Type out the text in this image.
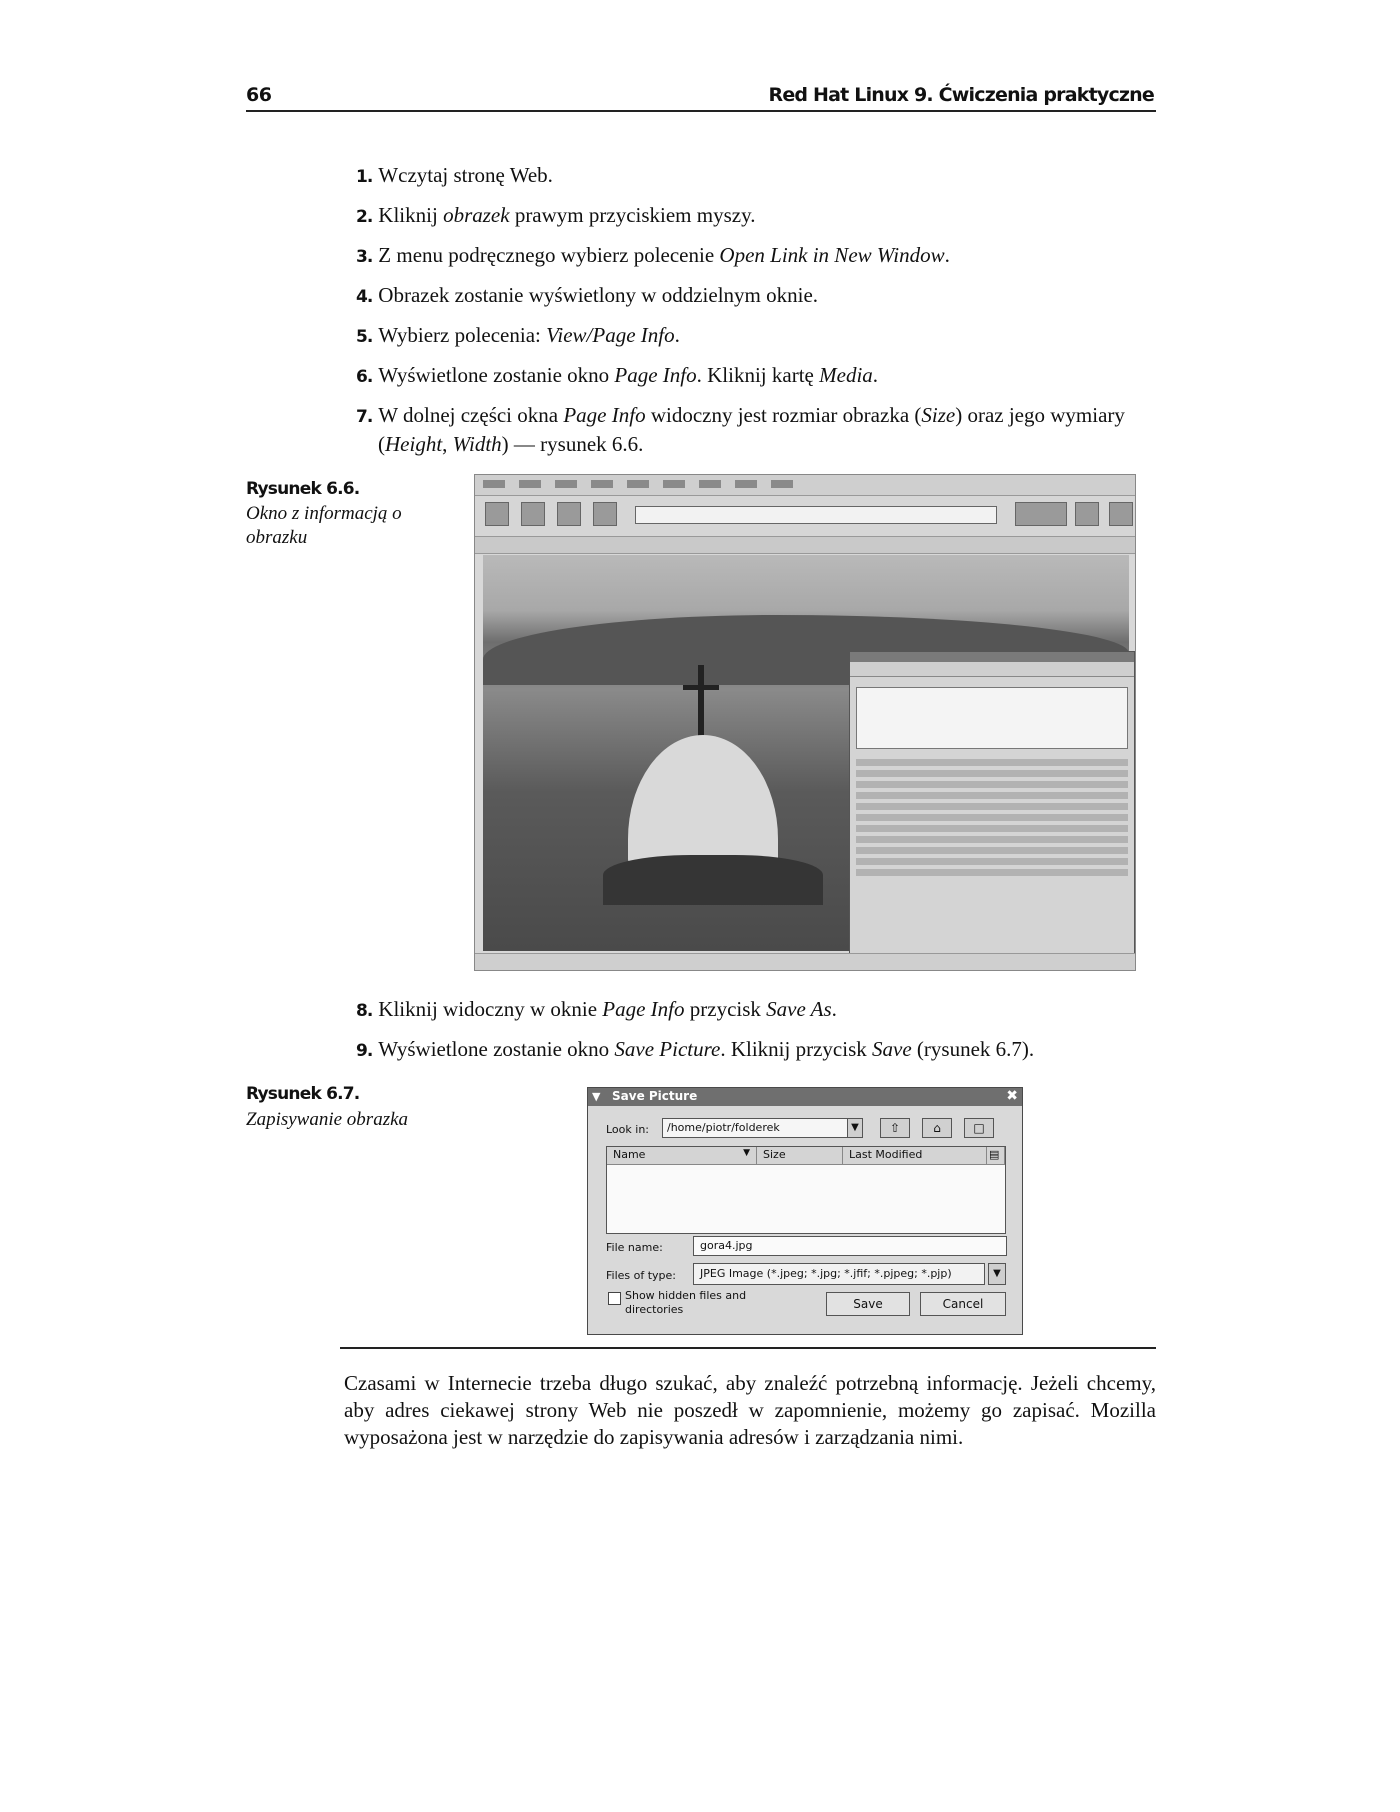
66	Red Hat Linux 9. Ćwiczenia praktyczne
1. Wczytaj stronę Web.
2. Kliknij obrazek prawym przyciskiem myszy.
3. Z menu podręcznego wybierz polecenie Open Link in New Window.
4. Obrazek zostanie wyświetlony w oddzielnym oknie.
5. Wybierz polecenia: View/Page Info.
6. Wyświetlone zostanie okno Page Info. Kliknij kartę Media.
7. W dolnej części okna Page Info widoczny jest rozmiar obrazka (Size) oraz jego wymiary
(Height, Width) — rysunek 6.6.
Rysunek 6.6.
Okno z informacją o obrazku
8. Kliknij widoczny w oknie Page Info przycisk Save As.
9. Wyświetlone zostanie okno Save Picture. Kliknij przycisk Save (rysunek 6.7).
Rysunek 6.7.
Zapisywanie obrazka
▼ Save Picture	✖
Look in:	/home/piotr/folderek	▼	⇧	⌂	□
Name	▼	Size	Last Modified	▤
File name:	gora4.jpg
Files of type:	JPEG Image (*.jpeg; *.jpg; *.jfif; *.pjpeg; *.pjp)	▼
Show hidden files and directories	Save	Cancel
Czasami w Internecie trzeba długo szukać, aby znaleźć potrzebną informację. Jeżeli chcemy, aby adres ciekawej strony Web nie poszedł w zapomnienie, możemy go zapisać. Mozilla wyposażona jest w narzędzie do zapisywania adresów i zarządzania nimi.
